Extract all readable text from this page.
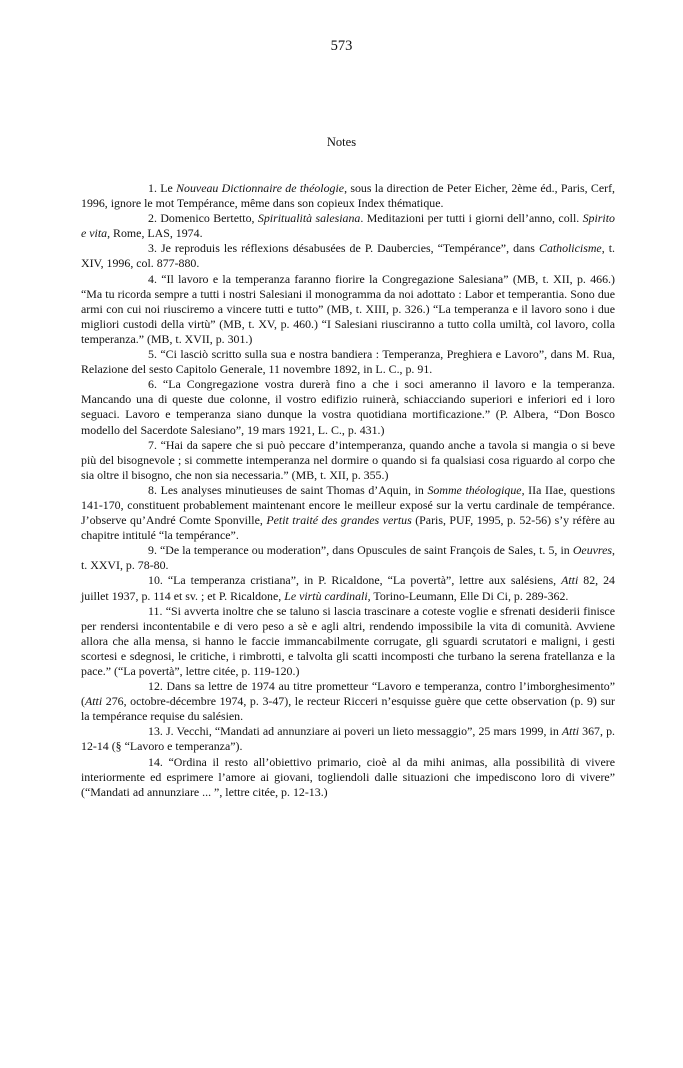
573
Notes

1. Le Nouveau Dictionnaire de théologie, sous la direction de Peter Eicher, 2ème éd., Paris, Cerf, 1996, ignore le mot Tempérance, même dans son copieux Index thématique.

2. Domenico Bertetto, Spiritualità salesiana. Meditazioni per tutti i giorni dell’anno, coll. Spirito e vita, Rome, LAS, 1974.

3. Je reproduis les réflexions désabusées de P. Daubercies, “Tempérance”, dans Catholicisme, t. XIV, 1996, col. 877-880.

4. “Il lavoro e la temperanza faranno fiorire la Congregazione Salesiana” (MB, t. XII, p. 466.) “Ma tu ricorda sempre a tutti i nostri Salesiani il monogramma da noi adottato : Labor et temperantia. Sono due armi con cui noi riusciremo a vincere tutti e tutto” (MB, t. XIII, p. 326.) “La temperanza e il lavoro sono i due migliori custodi della virtù” (MB, t. XV, p. 460.) “I Salesiani riusciranno a tutto colla umiltà, col lavoro, colla temperanza.” (MB, t. XVII, p. 301.)

5. “Ci lasciò scritto sulla sua e nostra bandiera : Temperanza, Preghiera e Lavoro”, dans M. Rua, Relazione del sesto Capitolo Generale, 11 novembre 1892, in L. C., p. 91.

6. “La Congregazione vostra durerà fino a che i soci ameranno il lavoro e la temperanza. Mancando una di queste due colonne, il vostro edifizio ruinerà, schiacciando superiori e inferiori ed i loro seguaci. Lavoro e temperanza siano dunque la vostra quotidiana mortificazione.” (P. Albera, “Don Bosco modello del Sacerdote Salesiano”, 19 mars 1921, L. C., p. 431.)

7. “Hai da sapere che si può peccare d’intemperanza, quando anche a tavola si mangia o si beve più del bisognevole ; si commette intemperanza nel dormire o quando si fa qualsiasi cosa riguardo al corpo che sia oltre il bisogno, che non sia necessaria.” (MB, t. XII, p. 355.)

8. Les analyses minutieuses de saint Thomas d’Aquin, in Somme théologique, IIa IIae, questions 141-170, constituent probablement maintenant encore le meilleur exposé sur la vertu cardinale de tempérance. J’observe qu’André Comte Sponville, Petit traité des grandes vertus (Paris, PUF, 1995, p. 52-56) s’y réfère au chapitre intitulé “la tempérance”.

9. “De la temperance ou moderation”, dans Opuscules de saint François de Sales, t. 5, in Oeuvres, t. XXVI, p. 78-80.

10. “La temperanza cristiana”, in P. Ricaldone, “La povertà”, lettre aux salésiens, Atti 82, 24 juillet 1937, p. 114 et sv. ; et P. Ricaldone, Le virtù cardinali, Torino-Leumann, Elle Di Ci, p. 289-362.

11. “Si avverta inoltre che se taluno si lascia trascinare a coteste voglie e sfrenati desiderii finisce per rendersi incontentabile e di vero peso a sè e agli altri, rendendo impossibile la vita di comunità. Avviene allora che alla mensa, si hanno le faccie immancabilmente corrugate, gli sguardi scrutatori e maligni, i gesti scortesi e sdegnosi, le critiche, i rimbrotti, e talvolta gli scatti incomposti che turbano la serena fratellanza e la pace.” (“La povertà”, lettre citée, p. 119-120.)

12. Dans sa lettre de 1974 au titre prometteur “Lavoro e temperanza, contro l’imborghesimento” (Atti 276, octobre-décembre 1974, p. 3-47), le recteur Ricceri n’esquisse guère que cette observation (p. 9) sur la tempérance requise du salésien.

13. J. Vecchi, “Mandati ad annunziare ai poveri un lieto messaggio”, 25 mars 1999, in Atti 367, p. 12-14 (§ “Lavoro e temperanza”).

14. “Ordina il resto all’obiettivo primario, cioè al da mihi animas, alla possibilità di vivere interiormente ed esprimere l’amore ai giovani, togliendoli dalle situazioni che impediscono loro di vivere” (“Mandati ad annunziare ... ”, lettre citée, p. 12-13.)
